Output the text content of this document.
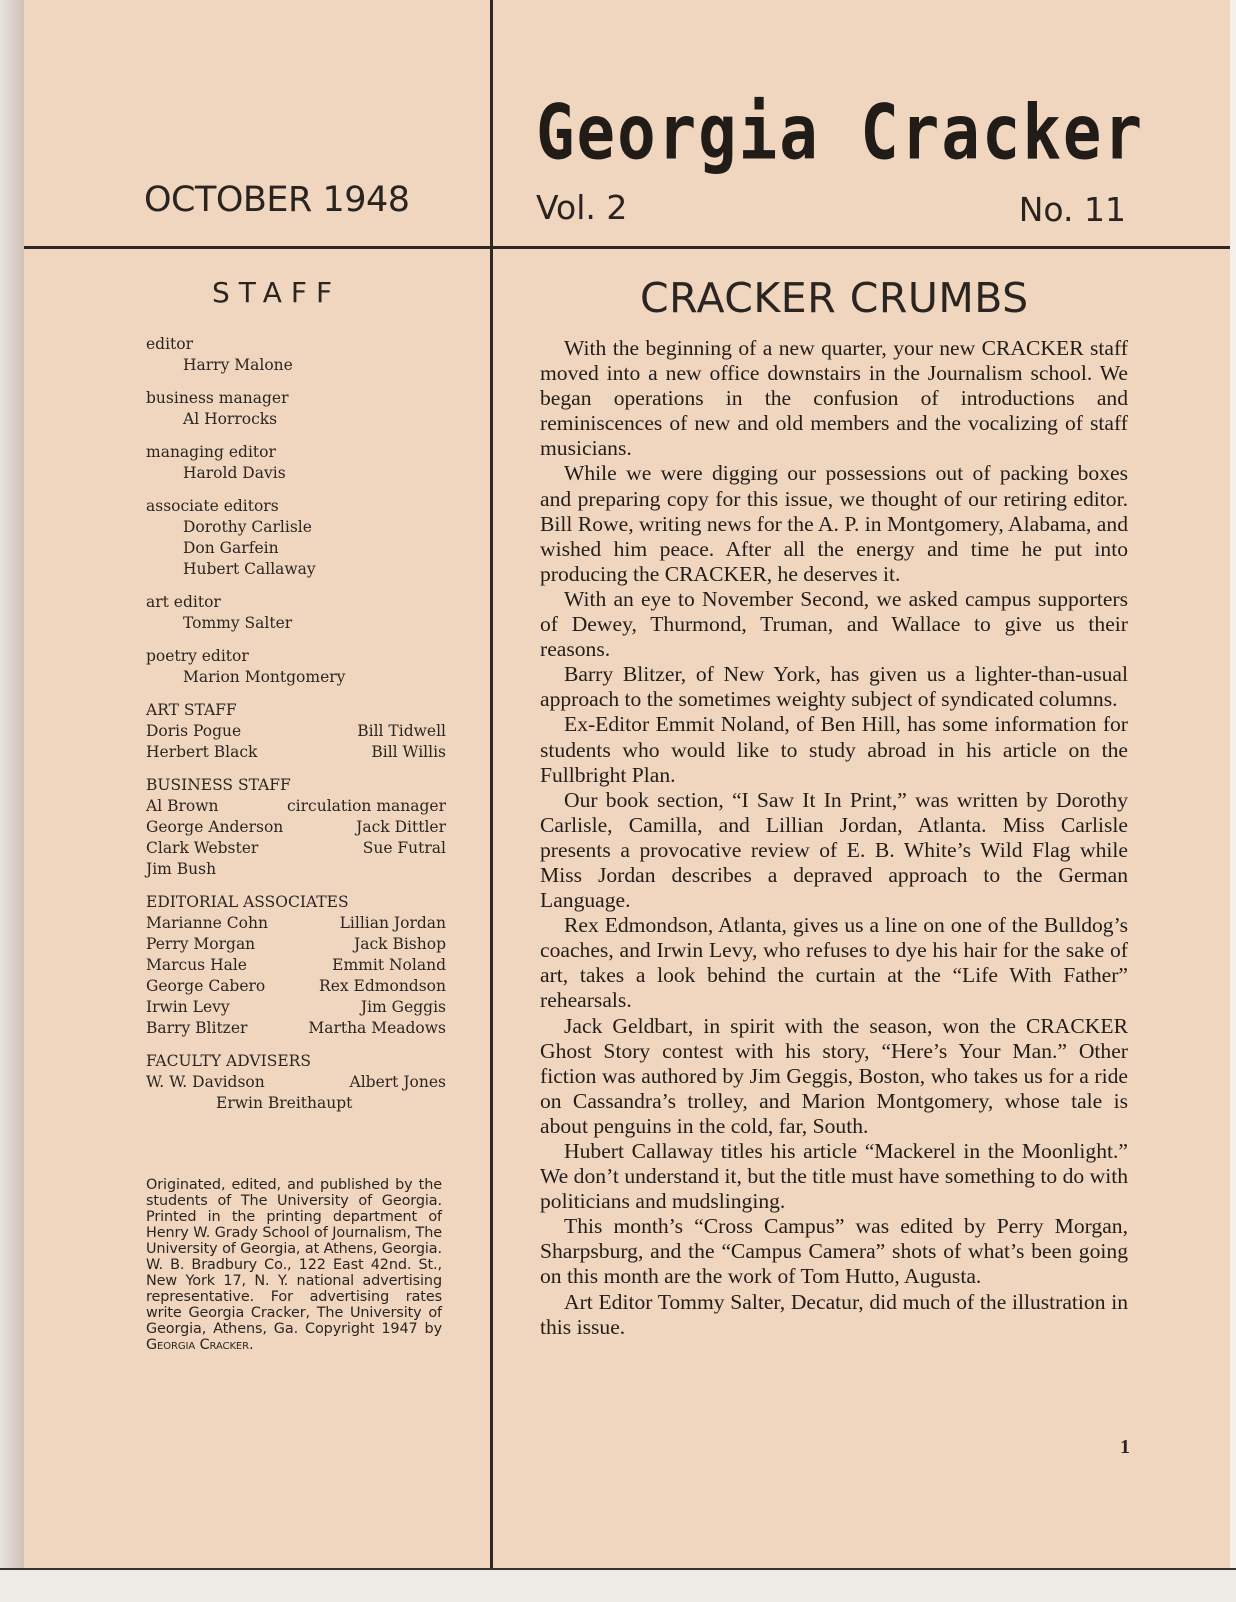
OCTOBER 1948
Georgia Cracker
Vol. 2	No. 11
STAFF
editor
Harry Malone
business manager
Al Horrocks
managing editor
Harold Davis
associate editors
Dorothy Carlisle
Don Garfein
Hubert Callaway
art editor
Tommy Salter
poetry editor
Marion Montgomery
ART STAFF
Doris Pogue	Bill Tidwell
Herbert Black	Bill Willis
BUSINESS STAFF
Al Brown	circulation manager
George Anderson	Jack Dittler
Clark Webster	Sue Futral
Jim Bush
EDITORIAL ASSOCIATES
Marianne Cohn	Lillian Jordan
Perry Morgan	Jack Bishop
Marcus Hale	Emmit Noland
George Cabero	Rex Edmondson
Irwin Levy	Jim Geggis
Barry Blitzer	Martha Meadows
FACULTY ADVISERS
W. W. Davidson	Albert Jones
Erwin Breithaupt
Originated, edited, and published by the students of The University of Georgia. Printed in the printing department of Henry W. Grady School of Journalism, The University of Georgia, at Athens, Georgia. W. B. Bradbury Co., 122 East 42nd. St., New York 17, N. Y. national advertising representative. For advertising rates write Georgia Cracker, The University of Georgia, Athens, Ga. Copyright 1947 by Georgia Cracker.
CRACKER CRUMBS

With the beginning of a new quarter, your new CRACKER staff moved into a new office downstairs in the Journalism school. We began operations in the confusion of introductions and reminiscences of new and old members and the vocalizing of staff musicians.

While we were digging our possessions out of packing boxes and preparing copy for this issue, we thought of our retiring editor. Bill Rowe, writing news for the A. P. in Montgomery, Alabama, and wished him peace. After all the energy and time he put into producing the CRACKER, he deserves it.

With an eye to November Second, we asked campus supporters of Dewey, Thurmond, Truman, and Wallace to give us their reasons.

Barry Blitzer, of New York, has given us a lighter-than-usual approach to the sometimes weighty subject of syndicated columns.

Ex-Editor Emmit Noland, of Ben Hill, has some information for students who would like to study abroad in his article on the Fullbright Plan.

Our book section, “I Saw It In Print,” was written by Dorothy Carlisle, Camilla, and Lillian Jordan, Atlanta. Miss Carlisle presents a provocative review of E. B. White’s Wild Flag while Miss Jordan describes a depraved approach to the German Language.

Rex Edmondson, Atlanta, gives us a line on one of the Bulldog’s coaches, and Irwin Levy, who refuses to dye his hair for the sake of art, takes a look behind the curtain at the “Life With Father” rehearsals.

Jack Geldbart, in spirit with the season, won the CRACKER Ghost Story contest with his story, “Here’s Your Man.” Other fiction was authored by Jim Geggis, Boston, who takes us for a ride on Cassandra’s trolley, and Marion Montgomery, whose tale is about penguins in the cold, far, South.

Hubert Callaway titles his article “Mackerel in the Moonlight.” We don’t understand it, but the title must have something to do with politicians and mudslinging.

This month’s “Cross Campus” was edited by Perry Morgan, Sharpsburg, and the “Campus Camera” shots of what’s been going on this month are the work of Tom Hutto, Augusta.

Art Editor Tommy Salter, Decatur, did much of the illustration in this issue.

1
